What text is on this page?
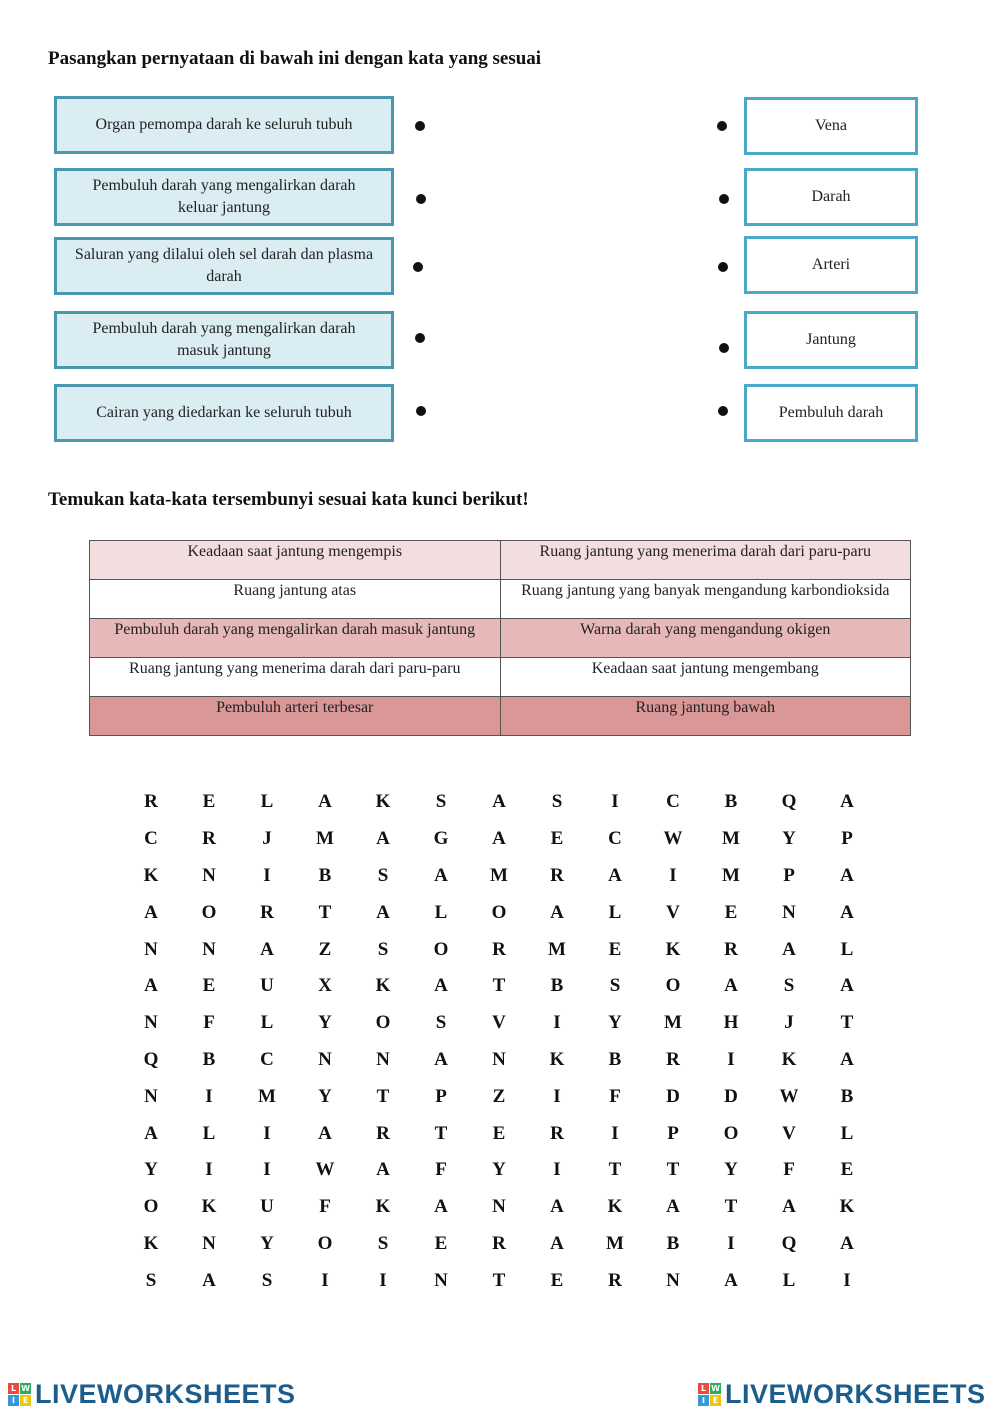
Pasangkan pernyataan di bawah ini dengan kata yang sesuai
Organ pemompa darah ke seluruh tubuh
Pembuluh darah yang mengalirkan darah keluar jantung
Saluran yang dilalui oleh sel darah dan plasma darah
Pembuluh darah yang mengalirkan darah masuk jantung
Cairan yang diedarkan ke seluruh tubuh
Vena
Darah
Arteri
Jantung
Pembuluh darah
Temukan kata-kata tersembunyi sesuai kata kunci berikut!
Keadaan saat jantung mengempis	Ruang jantung yang menerima darah dari paru-paru
Ruang jantung atas	Ruang jantung yang banyak mengandung karbondioksida
Pembuluh darah yang mengalirkan darah masuk jantung	Warna darah yang mengandung okigen
Ruang jantung yang menerima darah dari paru-paru	Keadaan saat jantung mengembang
Pembuluh arteri terbesar	Ruang jantung bawah
R	E	L	A	K	S	A	S	I	C	B	Q	A
C	R	J	M	A	G	A	E	C	W	M	Y	P
K	N	I	B	S	A	M	R	A	I	M	P	A
A	O	R	T	A	L	O	A	L	V	E	N	A
N	N	A	Z	S	O	R	M	E	K	R	A	L
A	E	U	X	K	A	T	B	S	O	A	S	A
N	F	L	Y	O	S	V	I	Y	M	H	J	T
Q	B	C	N	N	A	N	K	B	R	I	K	A
N	I	M	Y	T	P	Z	I	F	D	D	W	B
A	L	I	A	R	T	E	R	I	P	O	V	L
Y	I	I	W	A	F	Y	I	T	T	Y	F	E
O	K	U	F	K	A	N	A	K	A	T	A	K
K	N	Y	O	S	E	R	A	M	B	I	Q	A
S	A	S	I	I	N	T	E	R	N	A	L	I
L W
I E LIVEWORKSHEETS	L W
I E LIVEWORKSHEETS
